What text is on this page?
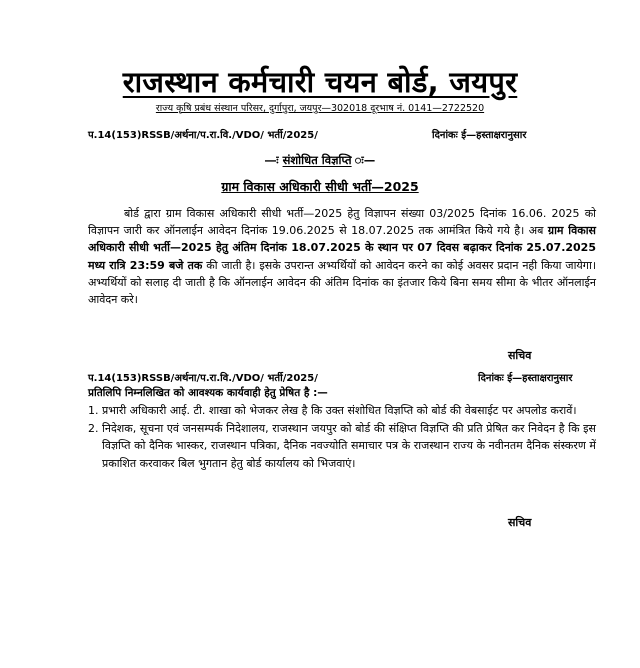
राजस्थान कर्मचारी चयन बोर्ड, जयपुर
राज्य कृषि प्रबंध संस्थान परिसर, दुर्गापुरा, जयपुर—302018 दूरभाष नं. 0141—2722520
प.14(153)RSSB/अर्थना/प.रा.वि./VDO/ भर्ती/2025/	दिनांकः ई—हस्ताक्षरानुसार
—ः संशोधित विज्ञप्ति ः—
ग्राम विकास अधिकारी सीधी भर्ती—2025
बोर्ड द्वारा ग्राम विकास अधिकारी सीधी भर्ती—2025 हेतु विज्ञापन संख्या 03/2025 दिनांक 16.06. 2025 को विज्ञापन जारी कर ऑनलाईन आवेदन दिनांक 19.06.2025 से 18.07.2025 तक आमंत्रित किये गये है। अब ग्राम विकास अधिकारी सीधी भर्ती—2025 हेतु अंतिम दिनांक 18.07.2025 के स्थान पर 07 दिवस बढ़ाकर दिनांक 25.07.2025 मध्य रात्रि 23:59 बजे तक की जाती है। इसके उपरान्त अभ्यर्थियों को आवेदन करने का कोई अवसर प्रदान नही किया जायेगा। अभ्यर्थियों को सलाह दी जाती है कि ऑनलाईन आवेदन की अंतिम दिनांक का इंतजार किये बिना समय सीमा के भीतर ऑनलाईन आवेदन करे।
सचिव
प.14(153)RSSB/अर्थना/प.रा.वि./VDO/ भर्ती/2025/	दिनांकः ई—हस्ताक्षरानुसार
प्रतिलिपि निम्नलिखित को आवश्यक कार्यवाही हेतु प्रेषित है :—
1. प्रभारी अधिकारी आई. टी. शाखा को भेजकर लेख है कि उक्त संशोधित विज्ञप्ति को बोर्ड की वेबसाईट पर अपलोड करावें।
2. निदेशक, सूचना एवं जनसम्पर्क निदेशालय, राजस्थान जयपुर को बोर्ड की संक्षिप्त विज्ञप्ति की प्रति प्रेषित कर निवेदन है कि इस विज्ञप्ति को दैनिक भास्कर, राजस्थान पत्रिका, दैनिक नवज्योति समाचार पत्र के राजस्थान राज्य के नवीनतम दैनिक संस्करण में प्रकाशित करवाकर बिल भुगतान हेतु बोर्ड कार्यालय को भिजवाएं।
सचिव
